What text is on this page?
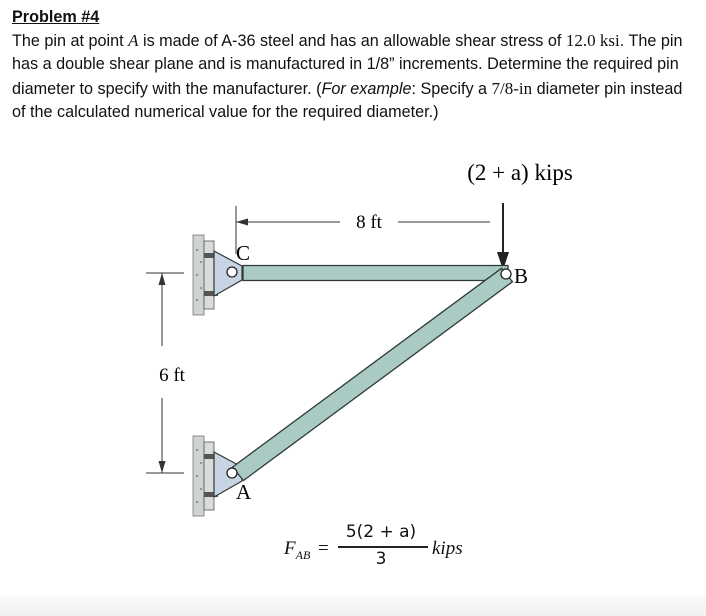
Problem #4
The pin at point A is made of A-36 steel and has an allowable shear stress of 12.0 ksi. The pin has a double shear plane and is manufactured in 1/8” increments. Determine the required pin diameter to specify with the manufacturer. (For example: Specify a 7/8-in diameter pin instead of the calculated numerical value for the required diameter.)
8 ft
6 ft
(2 + a) kips
C
B
A
$F_{AB}$ =
5(2 + a)
3	kips
